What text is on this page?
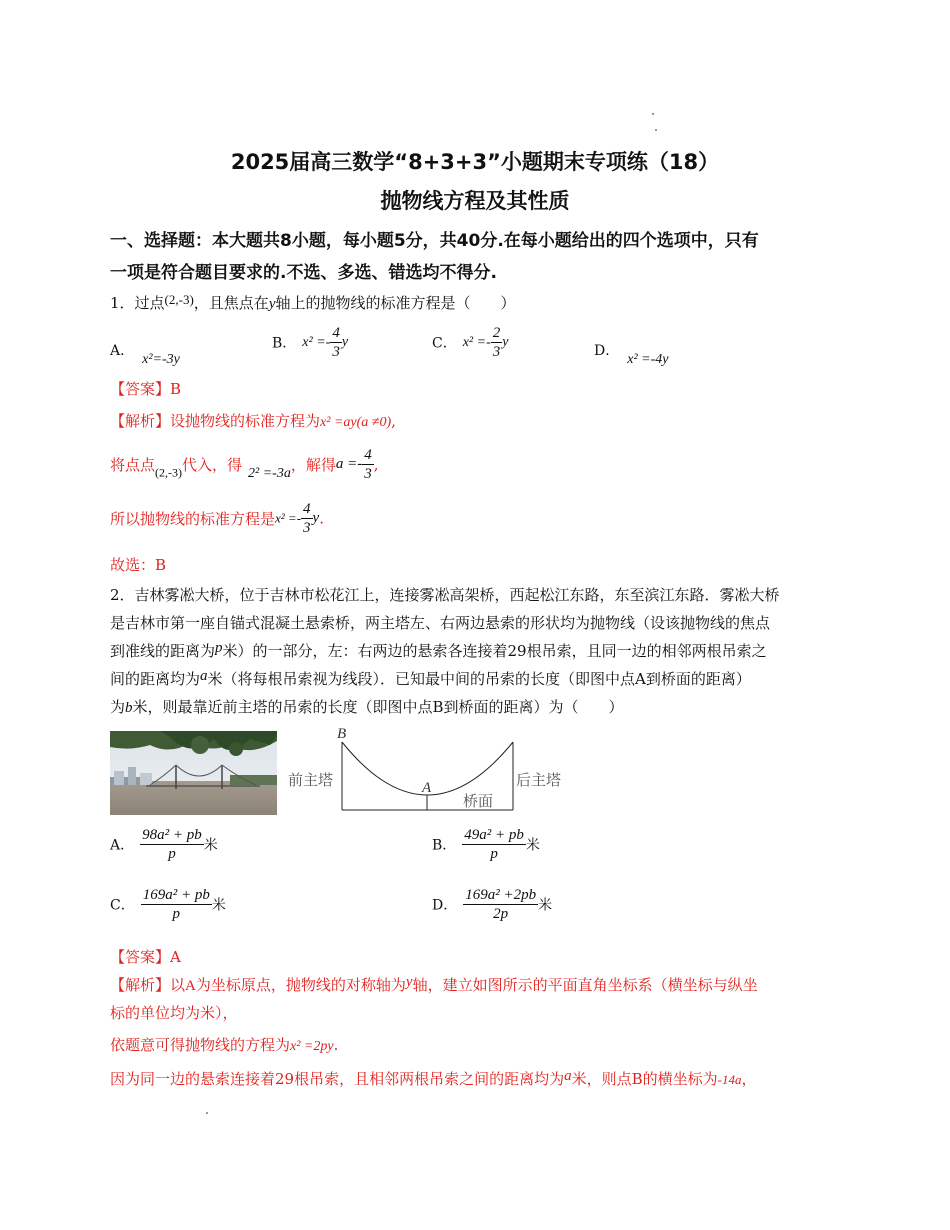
2025届高三数学“8+3+3”小题期末专项练（18）
抛物线方程及其性质
一、选择题：本大题共8小题，每小题5分，共40分.在每小题给出的四个选项中，只有
一项是符合题目要求的.不选、多选、错选均不得分.
1．过点(2,-3)，且焦点在y轴上的抛物线的标准方程是（　　）
A．x²=-3y
B． $x^2 =- \frac{4}{3}$ y	C． $x^2 =- \frac{2}{3}$ y
D．x² =-4y
【答案】B
【解析】设抛物线的标准方程为x² =ay(a ≠0),
将点点$_{(2,-3)}$代入，得 2² =-3a，解得$a =- \frac{4}{3}$ ,
所以抛物线的标准方程是$x^2 =- \frac{4}{3} y$.
故选：B
2．吉林雾凇大桥，位于吉林市松花江上，连接雾凇高架桥，西起松江东路，东至滨江东路．雾凇大桥
是吉林市第一座自锚式混凝土悬索桥，两主塔左、右两边悬索的形状均为抛物线（设该抛物线的焦点
到准线的距离为p米）的一部分，左：右两边的悬索各连接着29根吊索，且同一边的相邻两根吊索之
间的距离均为a米（将每根吊索视为线段）．已知最中间的吊索的长度（即图中点A到桥面的距离）
为b米，则最靠近前主塔的吊索的长度（即图中点B到桥面的距离）为（　　）
B
A
前主塔	后主塔
桥面
A． $\frac{\text{98a² + pb}}{p}$ 米	B． $\frac{\text{49a² + pb}}{p}$ 米
C． $\frac{\text{169a² + pb}}{p}$ 米	D． $\frac{\text{169a² +2pb}}{2p}$ 米
【答案】A
【解析】以A为坐标原点，抛物线的对称轴为y轴，建立如图所示的平面直角坐标系（横坐标与纵坐
标的单位均为米），
依题意可得抛物线的方程为x² =2py.
因为同一边的悬索连接着29根吊索，且相邻两根吊索之间的距离均为a米，则点B的横坐标为-14a，
